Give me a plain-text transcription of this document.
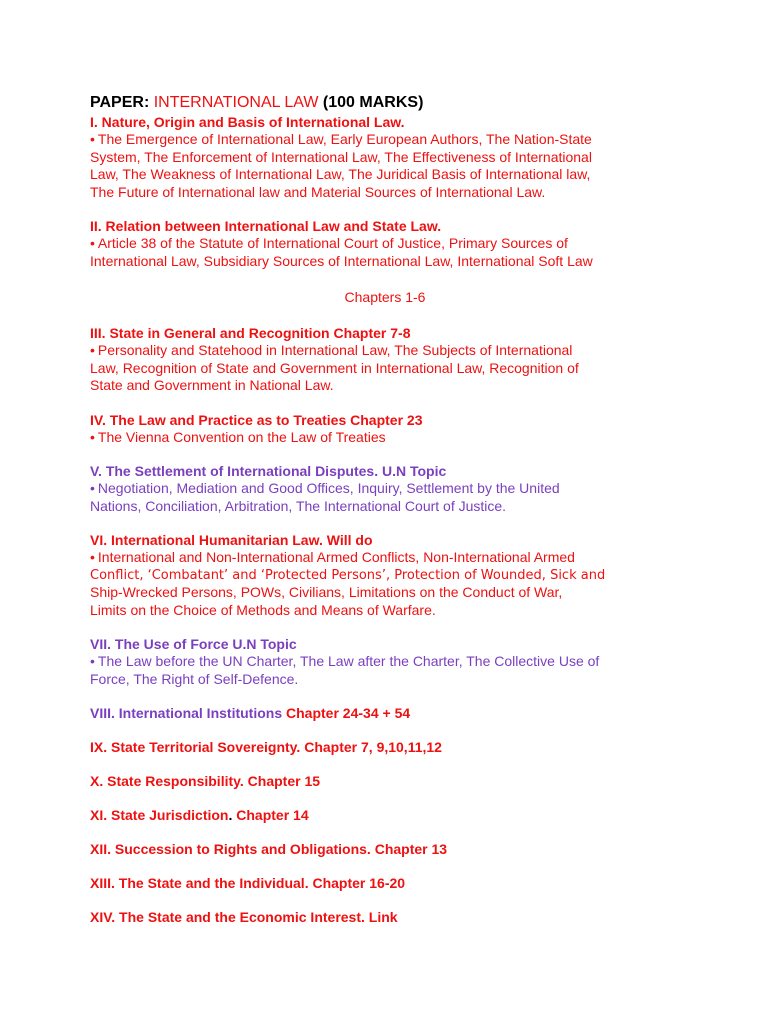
PAPER: INTERNATIONAL LAW (100 MARKS)

I. Nature, Origin and Basis of International Law.

• The Emergence of International Law, Early European Authors, The Nation-State

System, The Enforcement of International Law, The Effectiveness of International

Law, The Weakness of International Law, The Juridical Basis of International law,

The Future of International law and Material Sources of International Law.

II. Relation between International Law and State Law.

• Article 38 of the Statute of International Court of Justice, Primary Sources of

International Law, Subsidiary Sources of International Law, International Soft Law

Chapters 1-6

III. State in General and Recognition Chapter 7-8

• Personality and Statehood in International Law, The Subjects of International

Law, Recognition of State and Government in International Law, Recognition of

State and Government in National Law.

IV. The Law and Practice as to Treaties Chapter 23

• The Vienna Convention on the Law of Treaties

V. The Settlement of International Disputes. U.N Topic

• Negotiation, Mediation and Good Offices, Inquiry, Settlement by the United

Nations, Conciliation, Arbitration, The International Court of Justice.

VI. International Humanitarian Law. Will do

• International and Non-International Armed Conflicts, Non-International Armed

Conflict, ‘Combatant’ and ‘Protected Persons’, Protection of Wounded, Sick and

Ship-Wrecked Persons, POWs, Civilians, Limitations on the Conduct of War,

Limits on the Choice of Methods and Means of Warfare.

VII. The Use of Force U.N Topic

• The Law before the UN Charter, The Law after the Charter, The Collective Use of

Force, The Right of Self-Defence.

VIII. International Institutions Chapter 24-34 + 54

IX. State Territorial Sovereignty. Chapter 7, 9,10,11,12

X. State Responsibility. Chapter 15

XI. State Jurisdiction. Chapter 14

XII. Succession to Rights and Obligations. Chapter 13

XIII. The State and the Individual. Chapter 16-20

XIV. The State and the Economic Interest. Link
